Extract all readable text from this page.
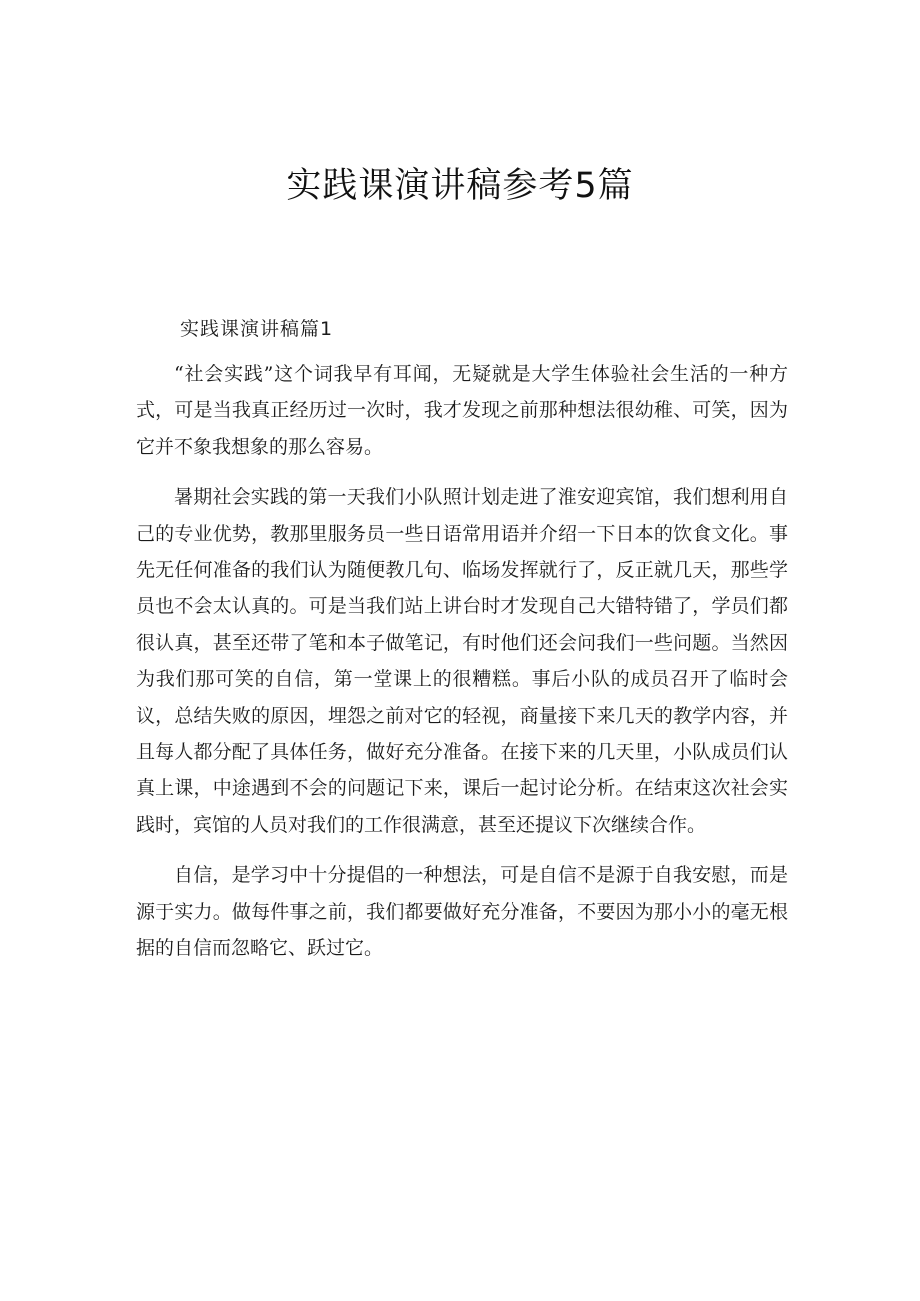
实践课演讲稿参考5篇
实践课演讲稿篇1

“社会实践”这个词我早有耳闻，无疑就是大学生体验社会生活的一种方式，可是当我真正经历过一次时，我才发现之前那种想法很幼稚、可笑，因为它并不象我想象的那么容易。

暑期社会实践的第一天我们小队照计划走进了淮安迎宾馆，我们想利用自己的专业优势，教那里服务员一些日语常用语并介绍一下日本的饮食文化。事先无任何准备的我们认为随便教几句、临场发挥就行了，反正就几天，那些学员也不会太认真的。可是当我们站上讲台时才发现自己大错特错了，学员们都很认真，甚至还带了笔和本子做笔记，有时他们还会问我们一些问题。当然因为我们那可笑的自信，第一堂课上的很糟糕。事后小队的成员召开了临时会议，总结失败的原因，埋怨之前对它的轻视，商量接下来几天的教学内容，并且每人都分配了具体任务，做好充分准备。在接下来的几天里，小队成员们认真上课，中途遇到不会的问题记下来，课后一起讨论分析。在结束这次社会实践时，宾馆的人员对我们的工作很满意，甚至还提议下次继续合作。

自信，是学习中十分提倡的一种想法，可是自信不是源于自我安慰，而是源于实力。做每件事之前，我们都要做好充分准备，不要因为那小小的毫无根据的自信而忽略它、跃过它。
